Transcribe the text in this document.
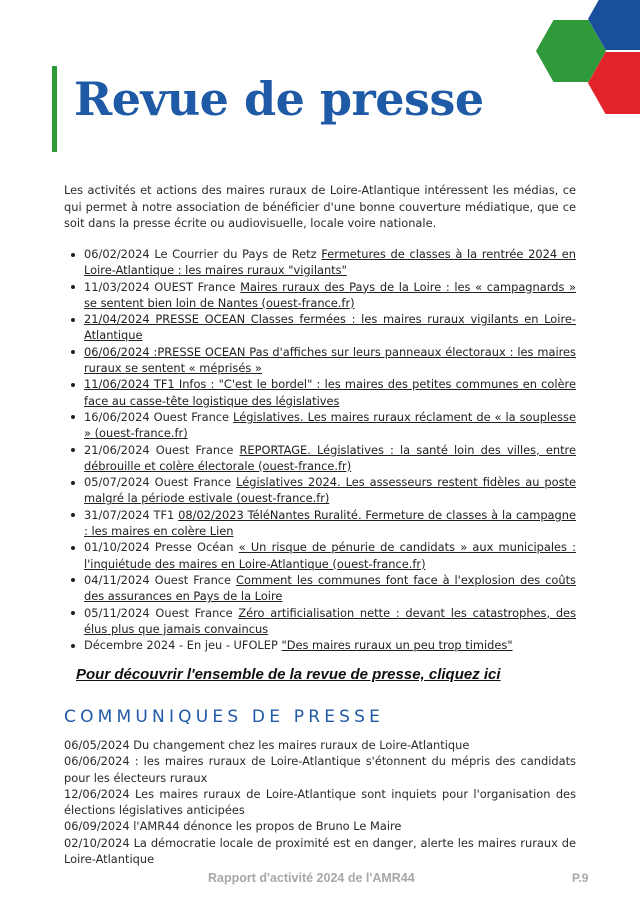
Revue de presse

Les activités et actions des maires ruraux de Loire-Atlantique intéressent les médias, ce qui permet à notre association de bénéficier d'une bonne couverture médiatique, que ce soit dans la presse écrite ou audiovisuelle, locale voire nationale.

06/02/2024 Le Courrier du Pays de Retz Fermetures de classes à la rentrée 2024 en Loire-Atlantique : les maires ruraux "vigilants"
11/03/2024 OUEST France Maires ruraux des Pays de la Loire : les « campagnards » se sentent bien loin de Nantes (ouest-france.fr)
21/04/2024 PRESSE OCEAN Classes fermées : les maires ruraux vigilants en Loire-Atlantique
06/06/2024 :PRESSE OCEAN Pas d'affiches sur leurs panneaux électoraux : les maires ruraux se sentent « méprisés »
11/06/2024 TF1 Infos : "C'est le bordel" : les maires des petites communes en colère face au casse-tête logistique des législatives
16/06/2024 Ouest France Législatives. Les maires ruraux réclament de « la souplesse » (ouest-france.fr)
21/06/2024 Ouest France REPORTAGE. Législatives : la santé loin des villes, entre débrouille et colère électorale (ouest-france.fr)
05/07/2024 Ouest France Législatives 2024. Les assesseurs restent fidèles au poste malgré la période estivale (ouest-france.fr)
31/07/2024 TF1 08/02/2023 TéléNantes Ruralité. Fermeture de classes à la campagne : les maires en colère Lien
01/10/2024 Presse Océan « Un risque de pénurie de candidats » aux municipales : l'inquiétude des maires en Loire-Atlantique (ouest-france.fr)
04/11/2024 Ouest France Comment les communes font face à l'explosion des coûts des assurances en Pays de la Loire
05/11/2024 Ouest France Zéro artificialisation nette : devant les catastrophes, des élus plus que jamais convaincus
Décembre 2024 - En jeu - UFOLEP "Des maires ruraux un peu trop timides"

Pour découvrir l'ensemble de la revue de presse, cliquez ici

COMMUNIQUES DE PRESSE
06/05/2024 Du changement chez les maires ruraux de Loire-Atlantique
06/06/2024 : les maires ruraux de Loire-Atlantique s'étonnent du mépris des candidats pour les électeurs ruraux
12/06/2024 Les maires ruraux de Loire-Atlantique sont inquiets pour l'organisation des élections législatives anticipées
06/09/2024 l'AMR44 dénonce les propos de Bruno Le Maire
02/10/2024 La démocratie locale de proximité est en danger, alerte les maires ruraux de Loire-Atlantique

Rapport d'activité 2024 de l'AMR44	P.9
